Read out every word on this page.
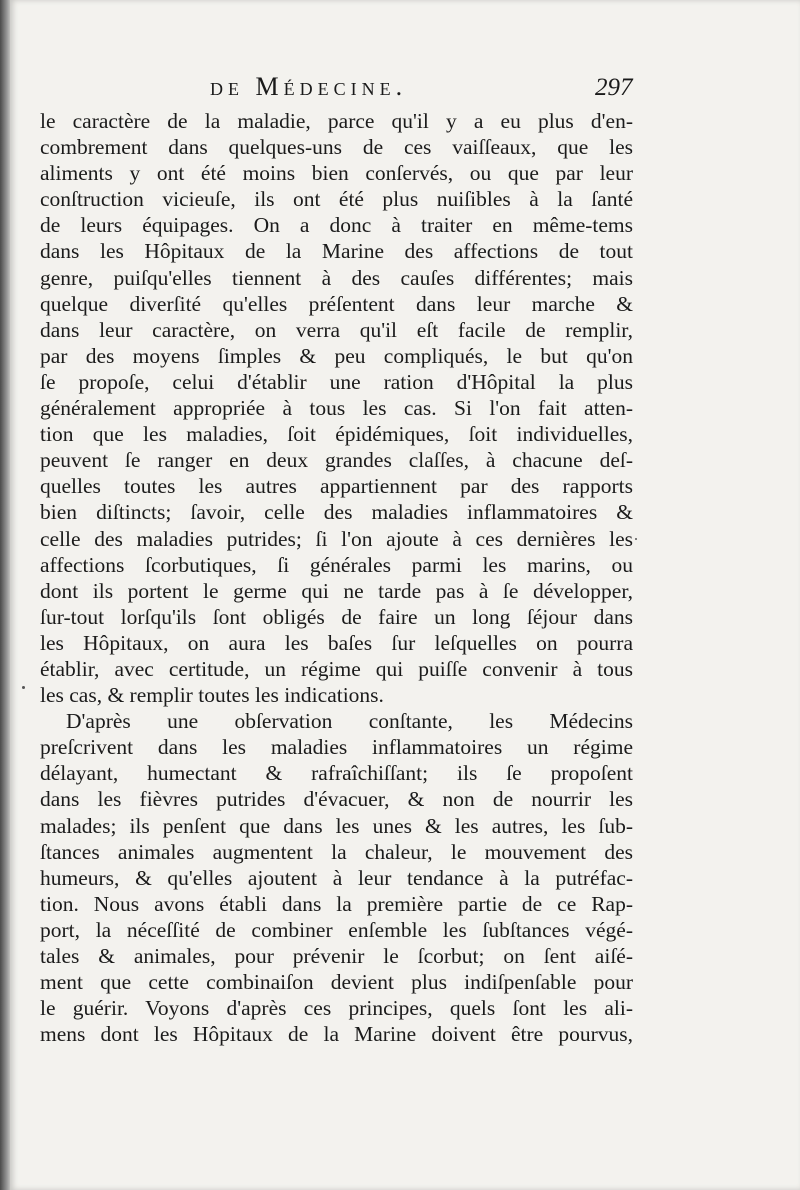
de Médecine.	297
le caractère de la maladie, parce qu'il y a eu plus d'en-
combrement dans quelques-uns de ces vaiſſeaux, que les
aliments y ont été moins bien conſervés, ou que par leur
conſtruction vicieuſe, ils ont été plus nuiſibles à la ſanté
de leurs équipages. On a donc à traiter en même-tems
dans les Hôpitaux de la Marine des affections de tout
genre, puiſqu'elles tiennent à des cauſes différentes; mais
quelque diverſité qu'elles préſentent dans leur marche &
dans leur caractère, on verra qu'il eſt facile de remplir,
par des moyens ſimples & peu compliqués, le but qu'on
ſe propoſe, celui d'établir une ration d'Hôpital la plus
généralement appropriée à tous les cas. Si l'on fait atten-
tion que les maladies, ſoit épidémiques, ſoit individuelles,
peuvent ſe ranger en deux grandes claſſes, à chacune deſ-
quelles toutes les autres appartiennent par des rapports
bien diſtincts; ſavoir, celle des maladies inflammatoires &
celle des maladies putrides; ſi l'on ajoute à ces dernières les
affections ſcorbutiques, ſi générales parmi les marins, ou
dont ils portent le germe qui ne tarde pas à ſe développer,
ſur-tout lorſqu'ils ſont obligés de faire un long ſéjour dans
les Hôpitaux, on aura les baſes ſur leſquelles on pourra
établir, avec certitude, un régime qui puiſſe convenir à tous
les cas, & remplir toutes les indications.
D'après une obſervation conſtante, les Médecins
preſcrivent dans les maladies inflammatoires un régime
délayant, humectant & rafraîchiſſant; ils ſe propoſent
dans les fièvres putrides d'évacuer, & non de nourrir les
malades; ils penſent que dans les unes & les autres, les ſub-
ſtances animales augmentent la chaleur, le mouvement des
humeurs, & qu'elles ajoutent à leur tendance à la putréfac-
tion. Nous avons établi dans la première partie de ce Rap-
port, la néceſſité de combiner enſemble les ſubſtances végé-
tales & animales, pour prévenir le ſcorbut; on ſent aiſé-
ment que cette combinaiſon devient plus indiſpenſable pour
le guérir. Voyons d'après ces principes, quels ſont les ali-
mens dont les Hôpitaux de la Marine doivent être pourvus,
